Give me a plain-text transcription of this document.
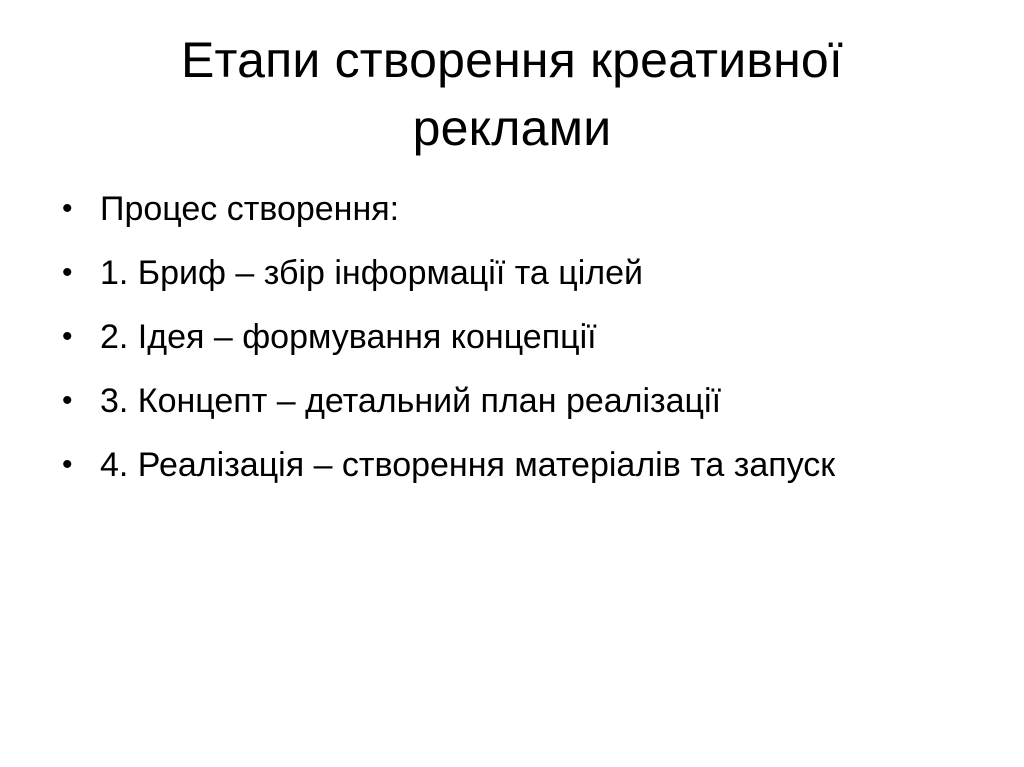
Етапи створення креативної
реклами
• Процес створення:
• 1. Бриф – збір інформації та цілей
• 2. Ідея – формування концепції
• 3. Концепт – детальний план реалізації
• 4. Реалізація – створення матеріалів та запуск
